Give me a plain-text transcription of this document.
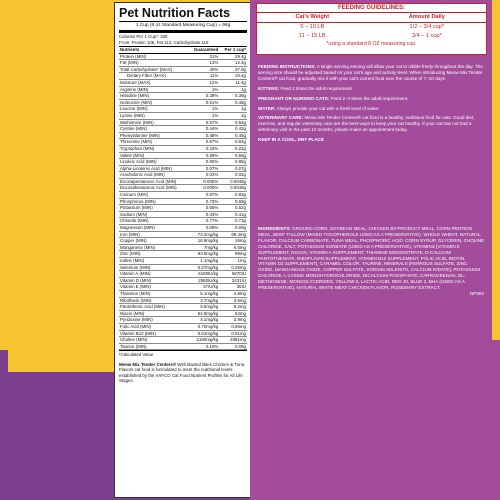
Pet Nutrition Facts
1 Cup (8 oz Standard Measuring Cup) = 96g
Calories Per 1 Cup*: 336
From: Protein 105, Fat 112, Carbohydrate 119
Nutrients	Guaranteed	Per 1 cup*
Protein (MIN)	31%	29.4g
Fat (MIN)	13%	12.4g
Total Carbohydrate¹ (MAX)	40%	37.9g
Dietary Fiber (MAX)	11%	10.4g
Moisture (MAX)	12%	11.4g
Arginine (MIN)	1%	1g
Histidine (MIN)	0.38%	0.36g
Isoleucine (MIN)	0.51%	0.48g
Leucine (MIN)	1%	1g
Lysine (MIN)	1%	1g
Methionine (MIN)	0.57%	0.54g
Cystine (MIN)	0.44%	0.42g
Phenylalanine (MIN)	0.48%	0.45g
Threonine (MIN)	0.67%	0.64g
Tryptophan (MIN)	0.23%	0.22g
Valine (MIN)	0.59%	0.56g
Linoleic Acid (MIN)	0.90%	0.85g
Alpha-Linolenic Acid (MIN)	0.07%	0.07g
Arachidonic Acid (MIN)	0.02%	0.02g
Eicosapentaenoic Acid (MIN)	0.005%	0.0048g
Docosahexaenoic Acid (MIN)	0.005%	0.0048g
Calcium (MIN)	0.87%	0.83g
Phosphorus (MIN)	0.73%	0.69g
Potassium (MIN)	0.55%	0.52g
Sodium (MIN)	0.43%	0.41g
Chloride (MIN)	0.77%	0.73g
Magnesium (MIN)	0.09%	0.09g
Iron (MIN)	73.2mg/kg	69.4mg
Copper (MIN)	16.9mg/kg	16mg
Manganese (MIN)	7mg/kg	6.6mg
Zinc (MIN)	93.6mg/kg	89mg
Iodine (MIN)	1.1mg/kg	1mg
Selenium (MIN)	0.27mg/kg	0.26mg
Vitamin A (MIN)	6180IU/kg	5870IU
Vitamin D (MIN)	2560IU/kg	2431IU
Vitamin E (MIN)	37IU/kg	35IU
Thiamine (MIN)	5.1mg/kg	4.8mg
Riboflavin (MIN)	3.7mg/kg	3.5mg
Pantothenic Acid (MIN)	5.5mg/kg	5.2mg
Niacin (MIN)	54.9mg/kg	52mg
Pyridoxine (MIN)	4.1mg/kg	3.9mg
Folic Acid (MIN)	0.70mg/kg	0.66mg
Vitamin B12 (MIN)	0.01mg/kg	0.01mg
Choline (MIN)	2190mg/kg	2081mg
Taurine (MIN)	0.10%	0.09g
¹Calculated Value
Meow Mix Tender Centers® With Basted Bites Chicken & Tuna Flavors cat food is formulated to meet the nutritional levels established by the AAFCO Cat Food Nutrient Profiles for All Life Stages.
FEEDING GUIDELINES:
Cat's Weight	Amount Daily
5 – 10 LB	1/2 – 3/4 cup*
11 – 15 LB	3/4 – 1 cup*
*using a standard 8 OZ measuring cup.

FEEDING INSTRUCTIONS: A single serving serving will allow your cat to nibble freely throughout the day. The serving size should be adjusted based on your cat's age and activity level. When introducing Meow Mix Tender Centers® cat food, gradually mix it with your cat's current food over the course of 7–10 days.

KITTENS: Feed 2 times the adult requirement.

PREGNANT OR NURSING CATS: Feed 2–4 times the adult requirement.

WATER: Always provide your cat with a fresh bowl of water.

VETERINARY CARE: Meow Mix Tender Centers® cat food is a healthy, nutritious food for cats. Good diet, exercise, and regular veterinary care are the best ways to keep your cat healthy. If your cat has not had a veterinary visit in the past 12 months, please make an appointment today.

KEEP IN A COOL, DRY PLACE

INGREDIENTS: GROUND CORN, SOYBEAN MEAL, CHICKEN BY-PRODUCT MEAL, CORN PROTEIN MEAL, BEEF TALLOW (MIXED TOCOPHEROLS USED AS A PRESERVATIVE), WHOLE WHEAT, NATURAL FLAVOR, CALCIUM CARBONATE, TUNA MEAL, PHOSPHORIC ACID, CORN SYRUP, GLYCERIN, CHOLINE CHLORIDE, SALT, POTASSIUM SORBATE (USED AS A PRESERVATIVE), VITAMINS [VITAMIN E SUPPLEMENT, NIACIN, VITAMIN A SUPPLEMENT, THIAMINE MONONITRATE, D-CALCIUM PANTOTHENATE, RIBOFLAVIN SUPPLEMENT, VITAMIN B12 SUPPLEMENT, FOLIC ACID, BIOTIN, VITAMIN D3 SUPPLEMENT], CARAMEL COLOR, TAURINE, MINERALS [FERROUS SULFATE, ZINC OXIDE, MANGANOUS OXIDE, COPPER SULFATE, SODIUM SELENITE, CALCIUM IODATE], POTASSIUM CHLORIDE, L-LYSINE MONOHYDROCHLORIDE, DICALCIUM PHOSPHATE, CARRAGEENAN, DL-METHIONINE, MONOGLYCERIDES, YELLOW 5, LACTIC ACID, RED 40, BLUE 2, BHA (USED AS A PRESERVATIVE), NATURAL WHITE MEAT CHICKEN FLAVOR, ROSEMARY EXTRACT.
NP662
